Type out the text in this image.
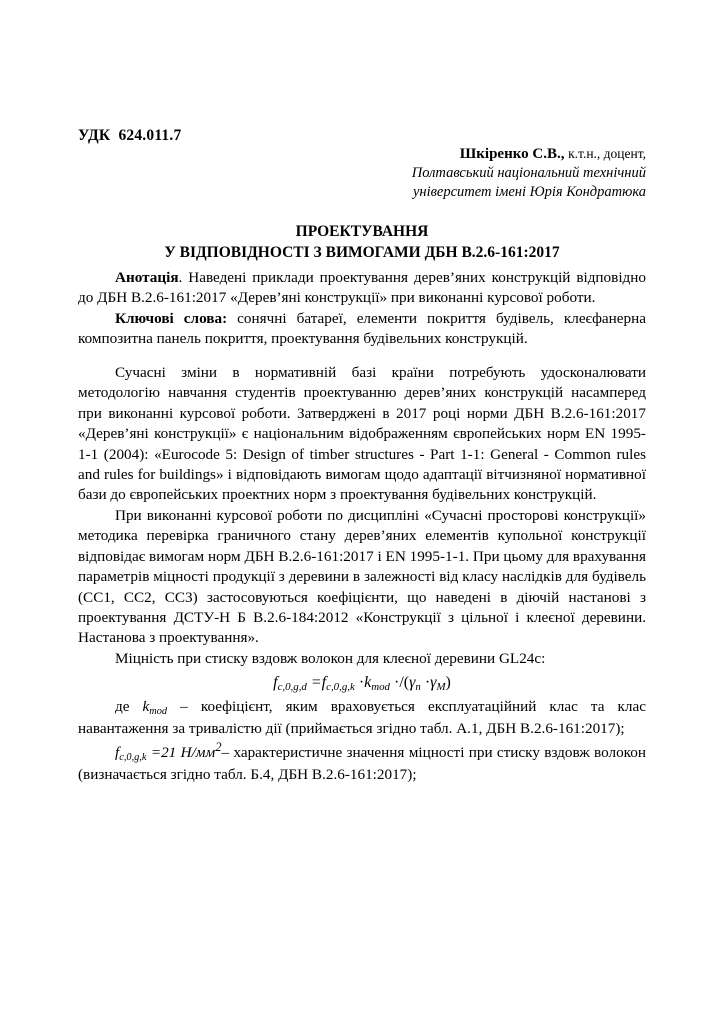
УДК  624.011.7
Шкіренко С.В., к.т.н., доцент,
Полтавський національний технічний
університет імені Юрія Кондратюка
ПРОЕКТУВАННЯ
У ВІДПОВІДНОСТІ З ВИМОГАМИ ДБН В.2.6-161:2017

Анотація. Наведені приклади проектування дерев’яних конструкцій відповідно до ДБН В.2.6-161:2017 «Дерев’яні конструкції» при виконанні курсової роботи.

Ключові слова: сонячні батареї, елементи покриття будівель, клеєфанерна композитна панель покриття, проектування будівельних конструкцій.

Сучасні зміни в нормативній базі країни потребують удосконалювати методологію навчання студентів проектуванню дерев’яних конструкцій насамперед при виконанні курсової роботи. Затверджені в 2017 році норми ДБН В.2.6-161:2017 «Дерев’яні конструкції» є національним відображенням європейських норм EN 1995-1-1 (2004): «Eurocode 5: Design of timber structures - Part 1-1: General - Common rules and rules for buildings» і відповідають вимогам щодо адаптації вітчизняної нормативної бази до європейських проектних норм з проектування будівельних конструкцій.

При виконанні курсової роботи по дисципліні «Сучасні просторові конструкції» методика перевірка граничного стану дерев’яних елементів купольної конструкції відповідає вимогам норм ДБН В.2.6-161:2017 і EN 1995-1-1. При цьому для врахування параметрів міцності продукції з деревини в залежності від класу наслідків для будівель (СС1, СС2, СС3) застосовуються коефіцієнти, що наведені в діючій настанові з проектування ДСТУ-Н Б В.2.6-184:2012 «Конструкції з цільної і клеєної деревини. Настанова з проектування».

Міцність при стиску вздовж волокон для клеєної деревини GL24c:

$f_{c,0,g,d} =f_{c,0,g,k} \cdot k_{mod} \cdot/(\gamma_n \cdot\gamma_M)$

де $k_{mod}$ – коефіцієнт, яким враховується експлуатаційний клас та клас навантаження за тривалістю дії (приймається згідно табл. А.1, ДБН В.2.6-161:2017);

$f_{c,0,g,k} =21$ $Н/мм^2-$ характеристичне значення міцності при стиску вздовж волокон (визначається згідно табл. Б.4, ДБН В.2.6-161:2017);
